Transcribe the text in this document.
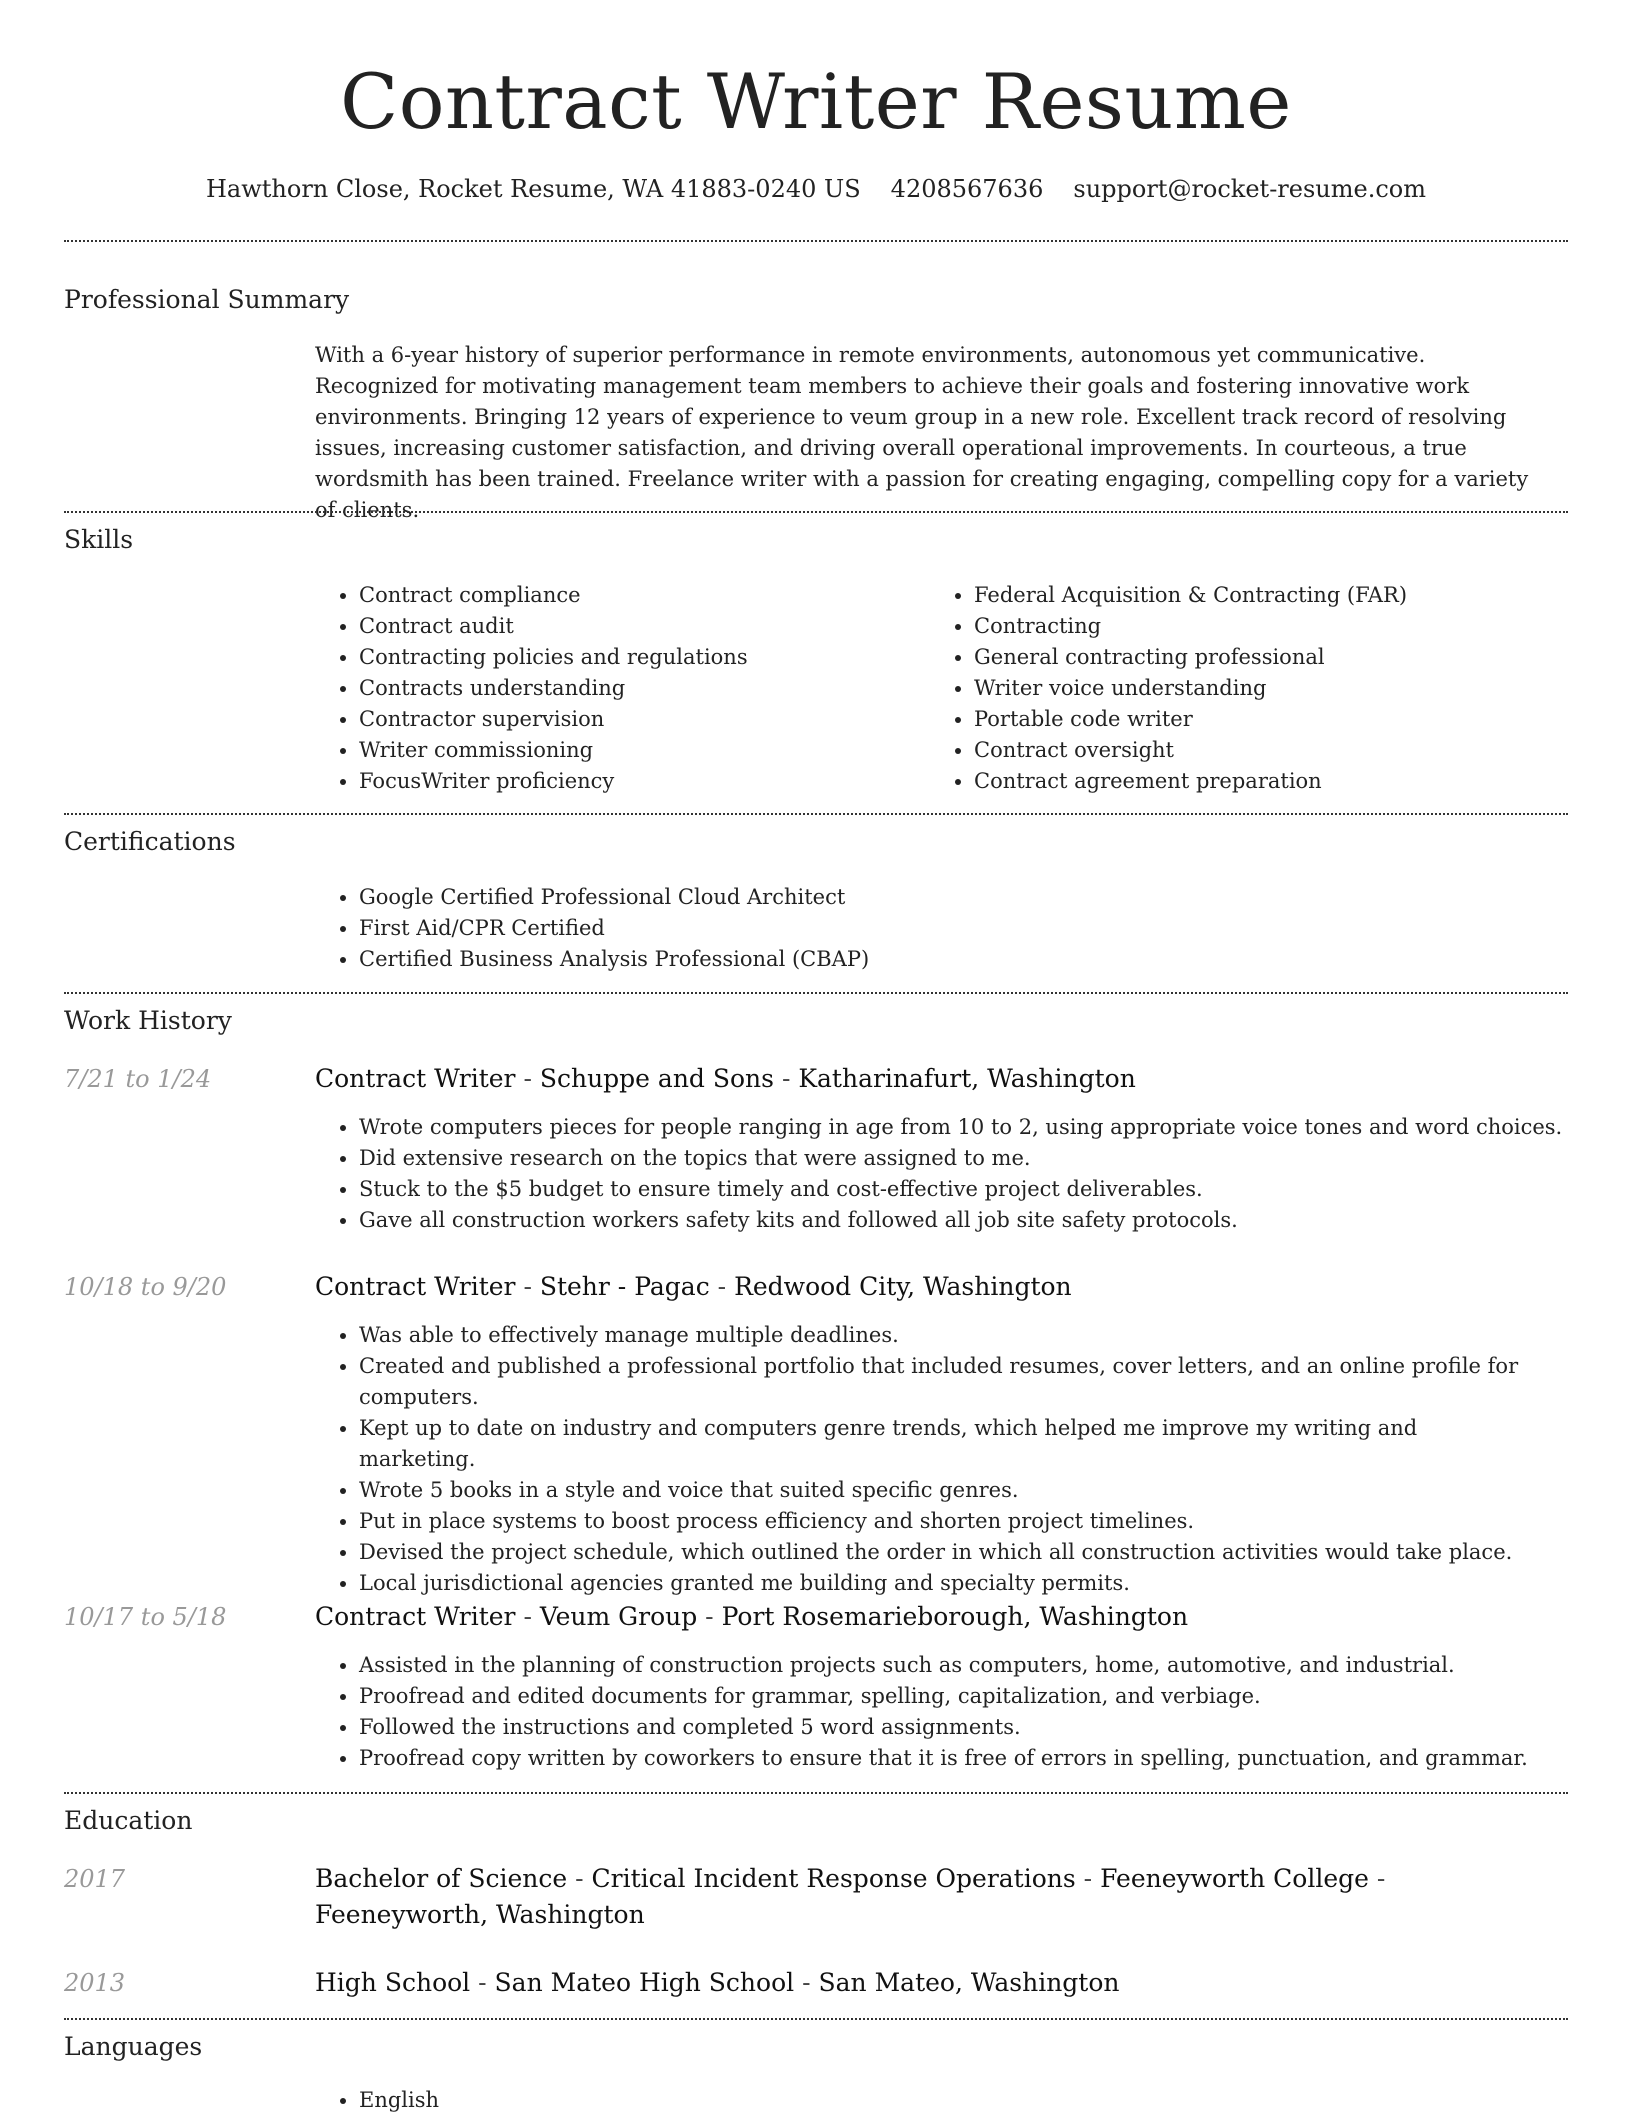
Contract Writer Resume
Hawthorn Close, Rocket Resume, WA 41883-0240 US 4208567636 support@rocket-resume.com
Professional Summary
With a 6-year history of superior performance in remote environments, autonomous yet communicative. Recognized for motivating management team members to achieve their goals and fostering innovative work environments. Bringing 12 years of experience to veum group in a new role. Excellent track record of resolving issues, increasing customer satisfaction, and driving overall operational improvements. In courteous, a true wordsmith has been trained. Freelance writer with a passion for creating engaging, compelling copy for a variety of clients.
Skills
• Contract compliance
• Contract audit
• Contracting policies and regulations
• Contracts understanding
• Contractor supervision
• Writer commissioning
• FocusWriter proficiency
• Federal Acquisition & Contracting (FAR)
• Contracting
• General contracting professional
• Writer voice understanding
• Portable code writer
• Contract oversight
• Contract agreement preparation
Certifications
• Google Certified Professional Cloud Architect
• First Aid/CPR Certified
• Certified Business Analysis Professional (CBAP)
Work History
7/21 to 1/24	Contract Writer - Schuppe and Sons - Katharinafurt, Washington
• Wrote computers pieces for people ranging in age from 10 to 2, using appropriate voice tones and word choices.
• Did extensive research on the topics that were assigned to me.
• Stuck to the $5 budget to ensure timely and cost-effective project deliverables.
• Gave all construction workers safety kits and followed all job site safety protocols.
10/18 to 9/20	Contract Writer - Stehr - Pagac - Redwood City, Washington
• Was able to effectively manage multiple deadlines.
• Created and published a professional portfolio that included resumes, cover letters, and an online profile for computers.
• Kept up to date on industry and computers genre trends, which helped me improve my writing and marketing.
• Wrote 5 books in a style and voice that suited specific genres.
• Put in place systems to boost process efficiency and shorten project timelines.
• Devised the project schedule, which outlined the order in which all construction activities would take place.
• Local jurisdictional agencies granted me building and specialty permits.
10/17 to 5/18	Contract Writer - Veum Group - Port Rosemarieborough, Washington
• Assisted in the planning of construction projects such as computers, home, automotive, and industrial.
• Proofread and edited documents for grammar, spelling, capitalization, and verbiage.
• Followed the instructions and completed 5 word assignments.
• Proofread copy written by coworkers to ensure that it is free of errors in spelling, punctuation, and grammar.
Education
2017	Bachelor of Science - Critical Incident Response Operations - Feeneyworth College - Feeneyworth, Washington
2013	High School - San Mateo High School - San Mateo, Washington
Languages
• English
